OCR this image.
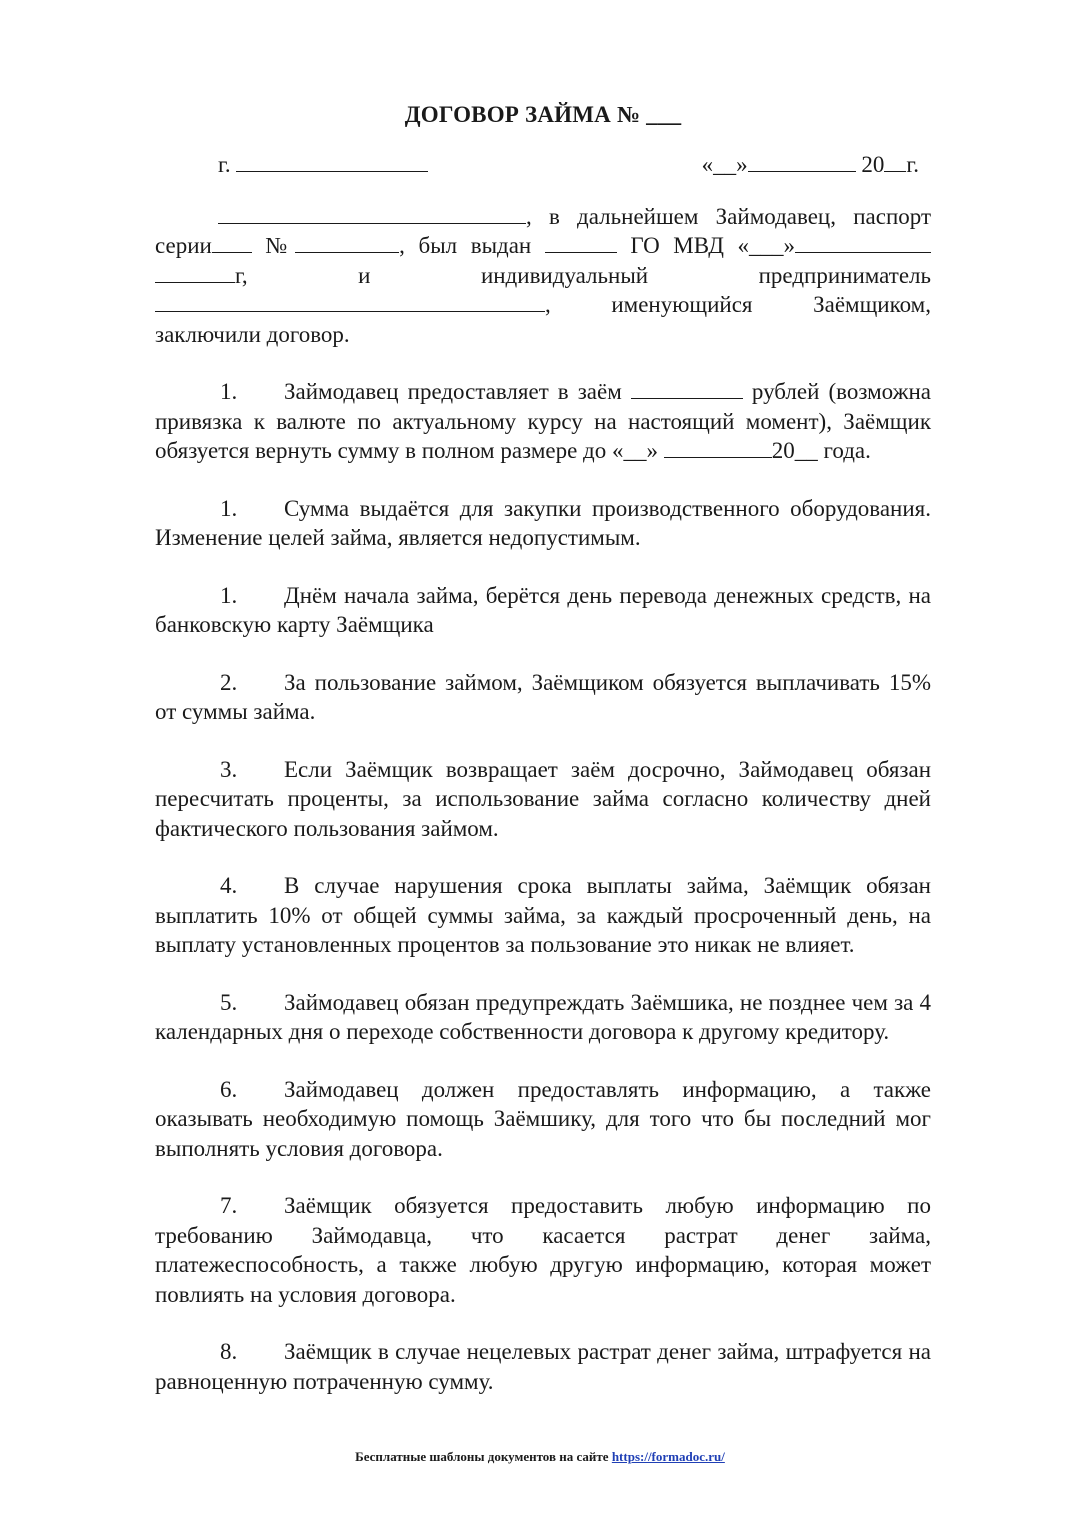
ДОГОВОР ЗАЙМА № ___
г.	«__»	20 г.

, в дальнейшем Займодавец, паспорт серии №	, был выдан	ГО МВД «___» г, и индивидуальный предприниматель , именующийся Заёмщиком, заключили договор.

1. Займодавец предоставляет в заём	рублей (возможна привязка к валюте по актуальному курсу на настоящий момент), Заёмщик обязуется вернуть сумму в полном размере до «__»	20__ года.

1. Сумма выдаётся для закупки производственного оборудования. Изменение целей займа, является недопустимым.

1. Днём начала займа, берётся день перевода денежных средств, на банковскую карту Заёмщика

2. За пользование займом, Заёмщиком обязуется выплачивать 15% от суммы займа.

3. Если Заёмщик возвращает заём досрочно, Займодавец обязан пересчитать проценты, за использование займа согласно количеству дней фактического пользования займом.

4. В случае нарушения срока выплаты займа, Заёмщик обязан выплатить 10% от общей суммы займа, за каждый просроченный день, на выплату установленных процентов за пользование это никак не влияет.

5. Займодавец обязан предупреждать Заёмшика, не позднее чем за 4 календарных дня о переходе собственности договора к другому кредитору.

6. Займодавец должен предоставлять информацию, а также оказывать необходимую помощь Заёмшику, для того что бы последний мог выполнять условия договора.

7. Заёмщик обязуется предоставить любую информацию по требованию Займодавца, что касается растрат денег займа, платежеспособность, а также любую другую информацию, которая может повлиять на условия договора.

8. Заёмщик в случае нецелевых растрат денег займа, штрафуется на равноценную потраченную сумму.

Бесплатные шаблоны документов на сайте https://formadoc.ru/
